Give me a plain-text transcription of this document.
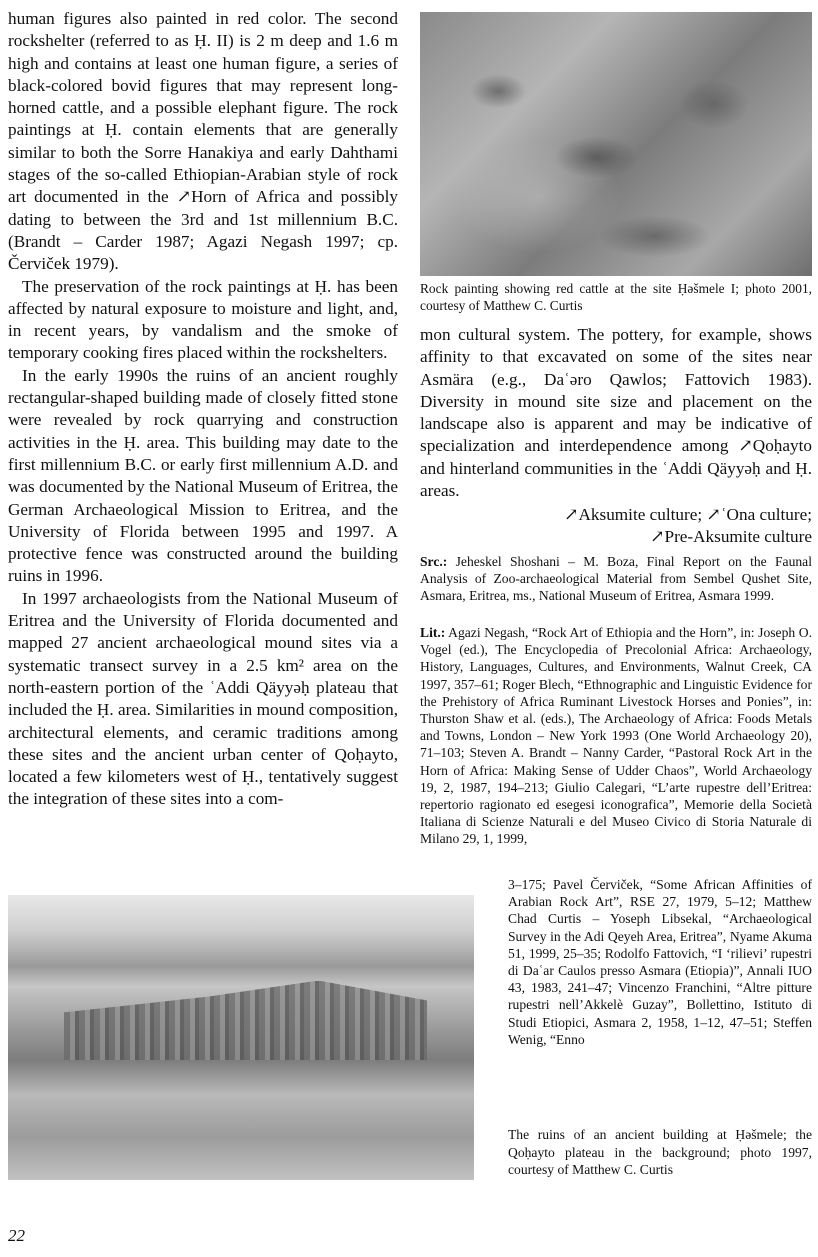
human figures also painted in red color. The second rockshelter (referred to as Ḥ. II) is 2 m deep and 1.6 m high and contains at least one human figure, a series of black-colored bovid figures that may represent long-horned cattle, and a possible elephant figure. The rock paintings at Ḥ. contain elements that are generally similar to both the Sorre Hanakiya and early Dahthami stages of the so-called Ethiopian-Arabian style of rock art documented in the ↗Horn of Africa and possibly dating to between the 3rd and 1st millennium B.C. (Brandt – Carder 1987; Agazi Negash 1997; cp. Červiček 1979).

The preservation of the rock paintings at Ḥ. has been affected by natural exposure to moisture and light, and, in recent years, by vandalism and the smoke of temporary cooking fires placed within the rockshelters.

In the early 1990s the ruins of an ancient roughly rectangular-shaped building made of closely fitted stone were revealed by rock quarrying and construction activities in the Ḥ. area. This building may date to the first millennium B.C. or early first millennium A.D. and was documented by the National Museum of Eritrea, the German Archaeological Mission to Eritrea, and the University of Florida between 1995 and 1997. A protective fence was constructed around the building ruins in 1996.

In 1997 archaeologists from the National Museum of Eritrea and the University of Florida documented and mapped 27 ancient archaeological mound sites via a systematic transect survey in a 2.5 km² area on the north-eastern portion of the ʿAddi Qäyyəḥ plateau that included the Ḥ. area. Similarities in mound composition, architectural elements, and ceramic traditions among these sites and the ancient urban center of Qoḥayto, located a few kilometers west of Ḥ., tentatively suggest the integration of these sites into a com-

Rock painting showing red cattle at the site Ḥəšmele I; photo 2001, courtesy of Matthew C. Curtis

mon cultural system. The pottery, for example, shows affinity to that excavated on some of the sites near Asmära (e.g., Daʿəro Qawlos; Fattovich 1983). Diversity in mound site size and placement on the landscape also is apparent and may be indicative of specialization and interdependence among ↗Qoḥayto and hinterland communities in the ʿAddi Qäyyəḥ and Ḥ. areas.

↗Aksumite culture; ↗ʿOna culture;
↗Pre-Aksumite culture
Src.: Jeheskel Shoshani – M. Boza, Final Report on the Faunal Analysis of Zoo-archaeological Material from Sembel Qushet Site, Asmara, Eritrea, ms., National Museum of Eritrea, Asmara 1999.
Lit.: Agazi Negash, “Rock Art of Ethiopia and the Horn”, in: Joseph O. Vogel (ed.), The Encyclopedia of Precolonial Africa: Archaeology, History, Languages, Cultures, and Environments, Walnut Creek, CA 1997, 357–61; Roger Blech, “Ethnographic and Linguistic Evidence for the Prehistory of Africa Ruminant Livestock Horses and Ponies”, in: Thurston Shaw et al. (eds.), The Archaeology of Africa: Foods Metals and Towns, London – New York 1993 (One World Archaeology 20), 71–103; Steven A. Brandt – Nanny Carder, “Pastoral Rock Art in the Horn of Africa: Making Sense of Udder Chaos”, World Archaeology 19, 2, 1987, 194–213; Giulio Calegari, “L’arte rupestre dell’Eritrea: repertorio ragionato ed esegesi iconografica”, Memorie della Società Italiana di Scienze Naturali e del Museo Civico di Storia Naturale di Milano 29, 1, 1999,
3–175; Pavel Červiček, “Some African Affinities of Arabian Rock Art”, RSE 27, 1979, 5–12; Matthew Chad Curtis – Yoseph Libsekal, “Archaeological Survey in the Adi Qeyeh Area, Eritrea”, Nyame Akuma 51, 1999, 25–35; Rodolfo Fattovich, “I ‘rilievi’ rupestri di Daʿar Caulos presso Asmara (Etiopia)”, Annali IUO 43, 1983, 241–47; Vincenzo Franchini, “Altre pitture rupestri nell’Akkelè Guzay”, Bollettino, Istituto di Studi Etiopici, Asmara 2, 1958, 1–12, 47–51; Steffen Wenig, “Enno
The ruins of an ancient building at Ḥəšmele; the Qoḥayto plateau in the background; photo 1997, courtesy of Matthew C. Curtis
22
